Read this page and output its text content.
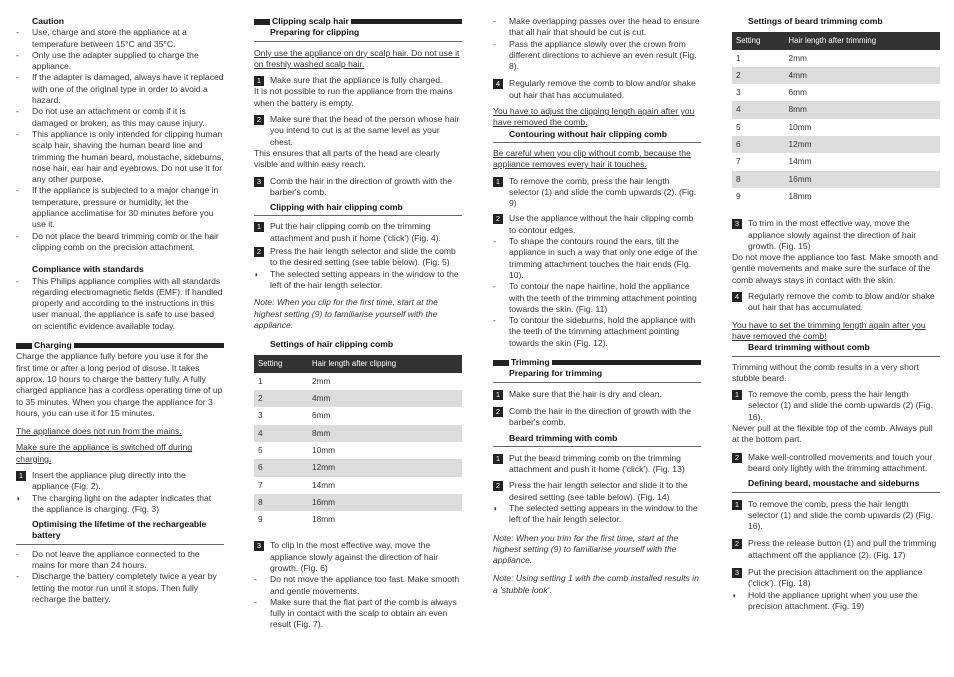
Caution
- Use, charge and store the appliance at a temperature between 15°C and 35°C.
- Only use the adapter supplied to charge the appliance.
- If the adapter is damaged, always have it replaced with one of the original type in order to avoid a hazard.
- Do not use an attachment or comb if it is damaged or broken, as this may cause injury.
- This appliance is only intended for clipping human scalp hair, shaving the human beard line and trimming the human beard, moustache, sideburns, nose hair, ear hair and eyebrows. Do not use it for any other purpose.
- If the appliance is subjected to a major change in temperature, pressure or humidity, let the appliance acclimatise for 30 minutes before you use it.
- Do not place the beard trimming comb or the hair clipping comb on the precision attachment.
Compliance with standards
- This Philips appliance complies with all standards regarding electromagnetic fields (EMF). If handled properly and according to the instructions in this user manual, the appliance is safe to use based on scientific evidence available today.
Charging
Charge the appliance fully before you use it for the first time or after a long period of disuse. It takes approx. 10 hours to charge the battery fully. A fully charged appliance has a cordless operating time of up to 35 minutes. When you charge the appliance for 3 hours, you can use it for 15 minutes.
The appliance does not run from the mains.
Make sure the appliance is switched off during charging.
1	Insert the appliance plug directly into the appliance (Fig. 2).
◗	The charging light on the adapter indicates that the appliance is charging. (Fig. 3)
Optimising the lifetime of the rechargeable battery
- Do not leave the appliance connected to the mains for more than 24 hours.
- Discharge the battery completely twice a year by letting the motor run until it stops. Then fully recharge the battery.
Clipping scalp hair
Preparing for clipping
Only use the appliance on dry scalp hair. Do not use it on freshly washed scalp hair.
1	Make sure that the appliance is fully charged.
It is not possible to run the appliance from the mains when the battery is empty.
2	Make sure that the head of the person whose hair you intend to cut is at the same level as your chest.
This ensures that all parts of the head are clearly visible and within easy reach.
3	Comb the hair in the direction of growth with the barber's comb.
Clipping with hair clipping comb
1	Put the hair clipping comb on the trimming attachment and push it home ('click') (Fig. 4).
2	Press the hair length selector and slide the comb to the desired setting (see table below). (Fig. 5)
◗	The selected setting appears in the window to the left of the hair length selector.
Note: When you clip for the first time, start at the highest setting (9) to familiarise yourself with the appliance.
Settings of hair clipping comb
Setting	Hair length after clipping
1	2mm
2	4mm
3	6mm
4	8mm
5	10mm
6	12mm
7	14mm
8	16mm
9	18mm
3	To clip in the most effective way, move the appliance slowly against the direction of hair growth. (Fig. 6)
- Do not move the appliance too fast. Make smooth and gentle movements.
- Make sure that the flat part of the comb is always fully in contact with the scalp to obtain an even result (Fig. 7).
- Make overlapping passes over the head to ensure that all hair that should be cut is cut.
- Pass the appliance slowly over the crown from different directions to achieve an even result (Fig. 8).
4	Regularly remove the comb to blow and/or shake out hair that has accumulated.
You have to adjust the clipping length again after you have removed the comb.
Contouring without hair clipping comb
Be careful when you clip without comb, because the appliance removes every hair it touches.
1	To remove the comb, press the hair length selector (1) and slide the comb upwards (2). (Fig. 9)
2	Use the appliance without the hair clipping comb to contour edges.
- To shape the contours round the ears, tilt the appliance in such a way that only one edge of the trimming attachment touches the hair ends (Fig. 10).
- To contour the nape hairline, hold the appliance with the teeth of the trimming attachment pointing towards the skin. (Fig. 11)
- To contour the sideburns, hold the appliance with the teeth of the trimming attachment pointing towards the skin (Fig. 12).
Trimming
Preparing for trimming
1	Make sure that the hair is dry and clean.
2	Comb the hair in the direction of growth with the barber's comb.
Beard trimming with comb
1	Put the beard trimming comb on the trimming attachment and push it home ('click'). (Fig. 13)
2	Press the hair length selector and slide it to the desired setting (see table below). (Fig. 14)
◗	The selected setting appears in the window to the left of the hair length selector.
Note: When you trim for the first time, start at the highest setting (9) to familiarise yourself with the appliance.
Note: Using setting 1 with the comb installed results in a 'stubble look'.
Settings of beard trimming comb
Setting	Hair length after trimming
1	2mm
2	4mm
3	6mm
4	8mm
5	10mm
6	12mm
7	14mm
8	16mm
9	18mm
3	To trim in the most effective way, move the appliance slowly against the direction of hair growth. (Fig. 15)
Do not move the appliance too fast. Make smooth and gentle movements and make sure the surface of the comb always stays in contact with the skin.
4	Regularly remove the comb to blow and/or shake out hair that has accumulated.
You have to set the trimming length again after you have removed the comb!
Beard trimming without comb
Trimming without the comb results in a very short stubble beard.
1	To remove the comb, press the hair length selector (1) and slide the comb upwards (2) (Fig. 16).
Never pull at the flexible top of the comb. Always pull at the bottom part.
2	Make well-controlled movements and touch your beard only lightly with the trimming attachment.
Defining beard, moustache and sideburns
1	To remove the comb, press the hair length selector (1) and slide the comb upwards (2) (Fig. 16).
2	Press the release button (1) and pull the trimming attachment off the appliance (2). (Fig. 17)
3	Put the precision attachment on the appliance ('click'). (Fig. 18)
◗	Hold the appliance upright when you use the precision attachment. (Fig. 19)
